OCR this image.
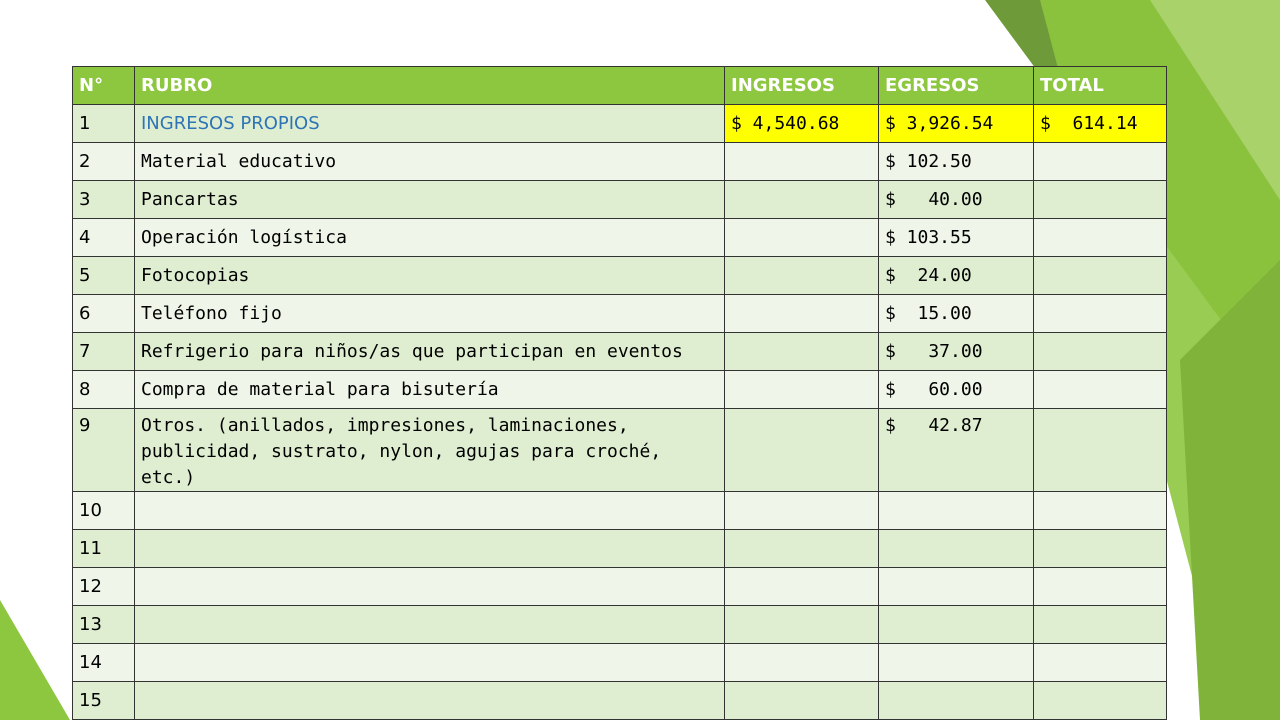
N°	RUBRO	INGRESOS	EGRESOS	TOTAL
1	INGRESOS PROPIOS	$ 4,540.68	$ 3,926.54	$  614.14
2	Material educativo		$ 102.50	
3	Pancartas		$   40.00	
4	Operación logística		$ 103.55	
5	Fotocopias		$  24.00	
6	Teléfono fijo		$  15.00	
7	Refrigerio para niños/as que participan en eventos		$   37.00	
8	Compra de material para bisutería		$   60.00	
9	Otros. (anillados, impresiones, laminaciones, publicidad, sustrato, nylon, agujas para croché, etc.)		$   42.87	
10				
11				
12				
13				
14				
15				
